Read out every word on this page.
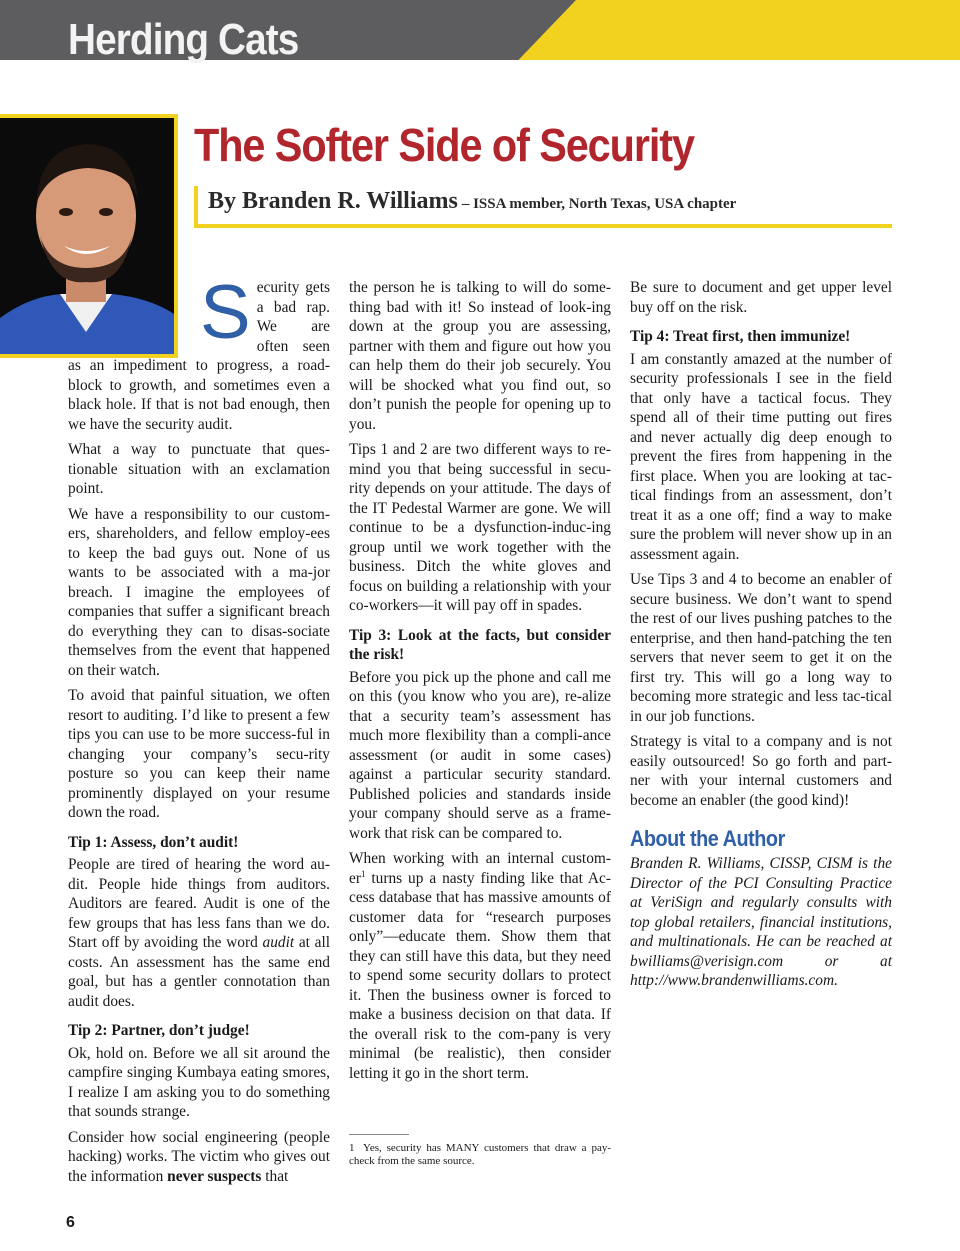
Herding Cats
The Softer Side of Security
By Branden R. Williams – ISSA member, North Texas, USA chapter

Security gets a bad rap. We are often seen as an impediment to progress, a road-block to growth, and sometimes even a black hole. If that is not bad enough, then we have the security audit.

What a way to punctuate that ques-tionable situation with an exclamation point.

We have a responsibility to our custom-ers, shareholders, and fellow employ-ees to keep the bad guys out. None of us wants to be associated with a ma-jor breach. I imagine the employees of companies that suffer a significant breach do everything they can to disas-sociate themselves from the event that happened on their watch.

To avoid that painful situation, we often resort to auditing. I’d like to present a few tips you can use to be more success-ful in changing your company’s secu-rity posture so you can keep their name prominently displayed on your resume down the road.

Tip 1: Assess, don’t audit!

People are tired of hearing the word au-dit. People hide things from auditors. Auditors are feared. Audit is one of the few groups that has less fans than we do. Start off by avoiding the word audit at all costs. An assessment has the same end goal, but has a gentler connotation than audit does.

Tip 2: Partner, don’t judge!

Ok, hold on. Before we all sit around the campfire singing Kumbaya eating smores, I realize I am asking you to do something that sounds strange.

Consider how social engineering (people hacking) works. The victim who gives out the information never suspects that

the person he is talking to will do some-thing bad with it! So instead of look-ing down at the group you are assessing, partner with them and figure out how you can help them do their job securely. You will be shocked what you find out, so don’t punish the people for opening up to you.

Tips 1 and 2 are two different ways to re-mind you that being successful in secu-rity depends on your attitude. The days of the IT Pedestal Warmer are gone. We will continue to be a dysfunction-induc-ing group until we work together with the business. Ditch the white gloves and focus on building a relationship with your co-workers—it will pay off in spades.

Tip 3: Look at the facts, but consider the risk!

Before you pick up the phone and call me on this (you know who you are), re-alize that a security team’s assessment has much more flexibility than a compli-ance assessment (or audit in some cases) against a particular security standard. Published policies and standards inside your company should serve as a frame-work that risk can be compared to.

When working with an internal custom-$er^1$ turns up a nasty finding like that Ac-cess database that has massive amounts of customer data for “research purposes only”—educate them. Show them that they can still have this data, but they need to spend some security dollars to protect it. Then the business owner is forced to make a business decision on that data. If the overall risk to the com-pany is very minimal (be realistic), then consider letting it go in the short term.

1 Yes, security has MANY customers that draw a pay-check from the same source.

Be sure to document and get upper level buy off on the risk.

Tip 4: Treat first, then immunize!

I am constantly amazed at the number of security professionals I see in the field that only have a tactical focus. They spend all of their time putting out fires and never actually dig deep enough to prevent the fires from happening in the first place. When you are looking at tac-tical findings from an assessment, don’t treat it as a one off; find a way to make sure the problem will never show up in an assessment again.

Use Tips 3 and 4 to become an enabler of secure business. We don’t want to spend the rest of our lives pushing patches to the enterprise, and then hand-patching the ten servers that never seem to get it on the first try. This will go a long way to becoming more strategic and less tac-tical in our job functions.

Strategy is vital to a company and is not easily outsourced! So go forth and part-ner with your internal customers and become an enabler (the good kind)!

About the Author

Branden R. Williams, CISSP, CISM is the Director of the PCI Consulting Practice at VeriSign and regularly consults with top global retailers, financial institutions, and multinationals. He can be reached at bwilliams@verisign.com or at http://www.brandenwilliams.com.

6
